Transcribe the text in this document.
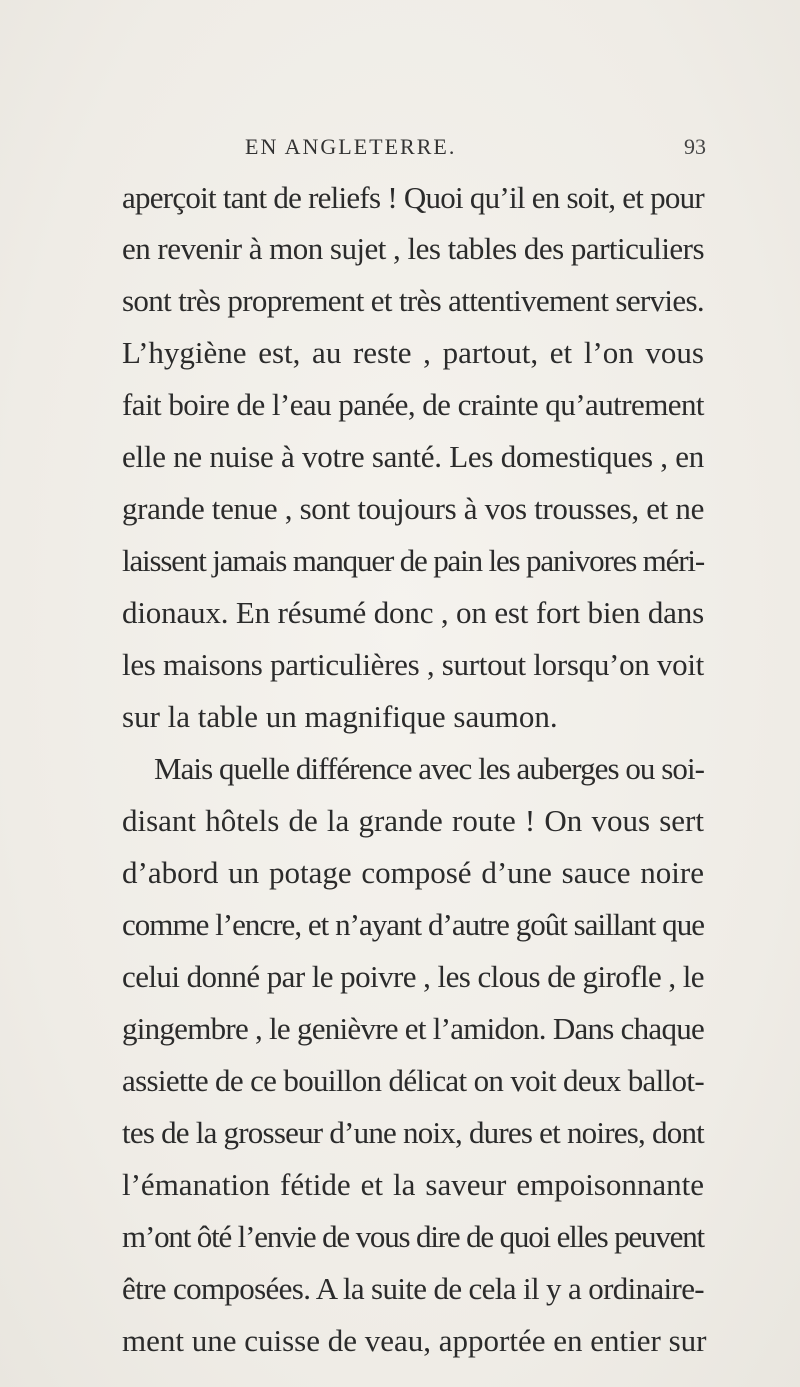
EN ANGLETERRE.	93
aperçoit tant de reliefs ! Quoi qu’il en soit, et pour
en revenir à mon sujet , les tables des particuliers
sont très proprement et très attentivement servies.
L’hygiène est, au reste , partout, et l’on vous
fait boire de l’eau panée, de crainte qu’autrement
elle ne nuise à votre santé. Les domestiques , en
grande tenue , sont toujours à vos trousses, et ne
laissent jamais manquer de pain les panivores méri-
dionaux. En résumé donc , on est fort bien dans
les maisons particulières , surtout lorsqu’on voit
sur la table un magnifique saumon.
Mais quelle différence avec les auberges ou soi-
disant hôtels de la grande route ! On vous sert
d’abord un potage composé d’une sauce noire
comme l’encre, et n’ayant d’autre goût saillant que
celui donné par le poivre , les clous de girofle , le
gingembre , le genièvre et l’amidon. Dans chaque
assiette de ce bouillon délicat on voit deux ballot-
tes de la grosseur d’une noix, dures et noires, dont
l’émanation fétide et la saveur empoisonnante
m’ont ôté l’envie de vous dire de quoi elles peuvent
être composées. A la suite de cela il y a ordinaire-
ment une cuisse de veau, apportée en entier sur
